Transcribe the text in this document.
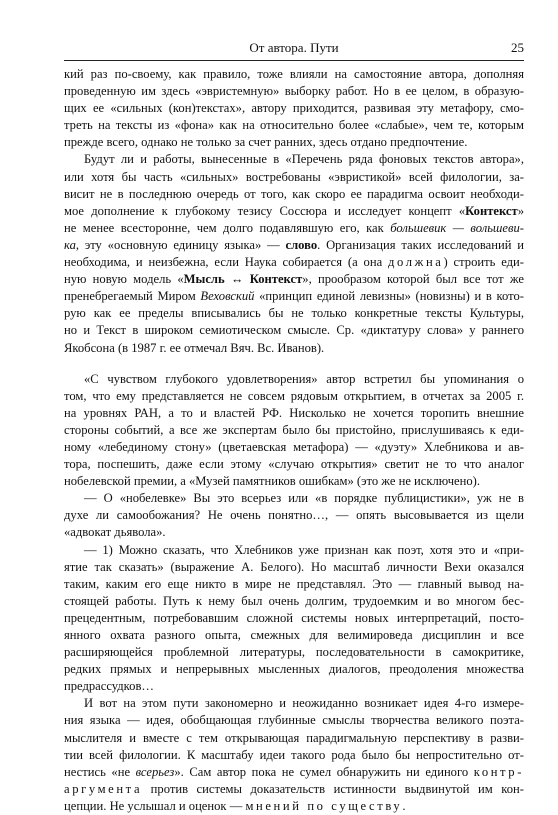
От автора. Пути	25

кий раз по-своему, как правило, тоже влияли на самостояние автора, дополняя

проведенную им здесь «эвристемную» выборку работ. Но в ее целом, в образую-

щих ее «сильных (кон)текстах», автору приходится, развивая эту метафору, смо-

треть на тексты из «фона» как на относительно более «слабые», чем те, которым

прежде всего, однако не только за счет ранних, здесь отдано предпочтение.

Будут ли и работы, вынесенные в «Перечень ряда фоновых текстов автора»,

или хотя бы часть «сильных» востребованы «эвристикой» всей филологии, за-

висит не в последнюю очередь от того, как скоро ее парадигма освоит необходи-

мое дополнение к глубокому тезису Соссюра и исследует концепт «Контекст»

не менее всесторонне, чем долго подавлявшую его, как большевик — вольшеви-

ка, эту «основную единицу языка» — слово. Организация таких исследований и

необходима, и неизбежна, если Наука собирается (а она должна) строить еди-

ную новую модель «Мысль ↔ Контекст», прообразом которой был все тот же

пренебрегаемый Миром Веховский «принцип единой левизны» (новизны) и в кото-

рую как ее пределы вписывались бы не только конкретные тексты Культуры,

но и Текст в широком семиотическом смысле. Ср. «диктатуру слова» у раннего

Якобсона (в 1987 г. ее отмечал Вяч. Вс. Иванов).

«С чувством глубокого удовлетворения» автор встретил бы упоминания о

том, что ему представляется не совсем рядовым открытием, в отчетах за 2005 г.

на уровнях РАН, а то и властей РФ. Нисколько не хочется торопить внешние

стороны событий, а все же экспертам было бы пристойно, прислушиваясь к еди-

ному «лебединому стону» (цветаевская метафора) — «дуэту» Хлебникова и ав-

тора, поспешить, даже если этому «случаю открытия» светит не то что аналог

нобелевской премии, а «Музей памятников ошибкам» (это же не исключено).

— О «нобелевке» Вы это всерьез или «в порядке публицистики», уж не в

духе ли самообожания? Не очень понятно…, — опять высовывается из щели

«адвокат дьявола».

— 1) Можно сказать, что Хлебников уже признан как поэт, хотя это и «при-

ятие так сказать» (выражение А. Белого). Но масштаб личности Вехи оказался

таким, каким его еще никто в мире не представлял. Это — главный вывод на-

стоящей работы. Путь к нему был очень долгим, трудоемким и во многом бес-

прецедентным, потребовавшим сложной системы новых интерпретаций, посто-

янного охвата разного опыта, смежных для велимироведа дисциплин и все

расширяющейся проблемной литературы, последовательности в самокритике,

редких прямых и непрерывных мысленных диалогов, преодоления множества

предрассудков…

И вот на этом пути закономерно и неожиданно возникает идея 4-го измере-

ния языка — идея, обобщающая глубинные смыслы творчества великого поэта-

мыслителя и вместе с тем открывающая парадигмальную перспективу в разви-

тии всей филологии. К масштабу идеи такого рода было бы непростительно от-

нестись «не всерьез». Сам автор пока не сумел обнаружить ни единого контр-

аргумента против системы доказательств истинности выдвинутой им кон-

цепции. Не услышал и оценок — мнений по существу.
